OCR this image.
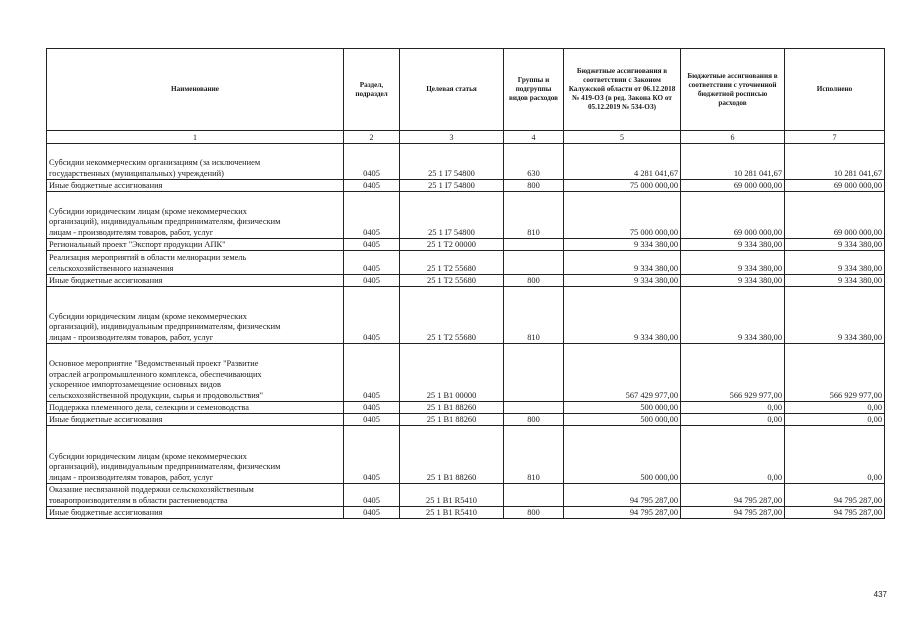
Наименование	Раздел, подраздел	Целевая статья	Группы и подгруппы видов расходов	Бюджетные ассигнования в соответствии с Законом Калужской области от 06.12.2018 № 419-ОЗ (в ред. Закона КО от 05.12.2019 № 534-ОЗ)	Бюджетные ассигнования в соответствии с уточненной бюджетной росписью расходов	Исполнено
1	2	3	4	5	6	7
Субсидии некоммерческим организациям (за исключением
государственных (муниципальных) учреждений)	0405	25 1 I7 54800	630	4 281 041,67	10 281 041,67	10 281 041,67
Иные бюджетные ассигнования	0405	25 1 I7 54800	800	75 000 000,00	69 000 000,00	69 000 000,00
Субсидии юридическим лицам (кроме некоммерческих
организаций), индивидуальным предпринимателям, физическим
лицам - производителям товаров, работ, услуг	0405	25 1 I7 54800	810	75 000 000,00	69 000 000,00	69 000 000,00
Региональный проект "Экспорт продукции АПК"	0405	25 1 T2 00000		9 334 380,00	9 334 380,00	9 334 380,00
Реализация мероприятий в области мелиорации земель
сельскохозяйственного назначения	0405	25 1 T2 55680		9 334 380,00	9 334 380,00	9 334 380,00
Иные бюджетные ассигнования	0405	25 1 T2 55680	800	9 334 380,00	9 334 380,00	9 334 380,00
Субсидии юридическим лицам (кроме некоммерческих
организаций), индивидуальным предпринимателям, физическим
лицам - производителям товаров, работ, услуг	0405	25 1 T2 55680	810	9 334 380,00	9 334 380,00	9 334 380,00
Основное мероприятие "Ведомственный проект "Развитие
отраслей агропромышленного комплекса, обеспечивающих
ускоренное импортозамещение основных видов
сельскохозяйственной продукции, сырья и продовольствия"	0405	25 1 B1 00000		567 429 977,00	566 929 977,00	566 929 977,00
Поддержка племенного дела, селекции и семеноводства	0405	25 1 B1 88260		500 000,00	0,00	0,00
Иные бюджетные ассигнования	0405	25 1 B1 88260	800	500 000,00	0,00	0,00
Субсидии юридическим лицам (кроме некоммерческих
организаций), индивидуальным предпринимателям, физическим
лицам - производителям товаров, работ, услуг	0405	25 1 B1 88260	810	500 000,00	0,00	0,00
Оказание несвязанной поддержки сельскохозяйственным
товаропроизводителям в области растениеводства	0405	25 1 B1 R5410		94 795 287,00	94 795 287,00	94 795 287,00
Иные бюджетные ассигнования	0405	25 1 B1 R5410	800	94 795 287,00	94 795 287,00	94 795 287,00
437
